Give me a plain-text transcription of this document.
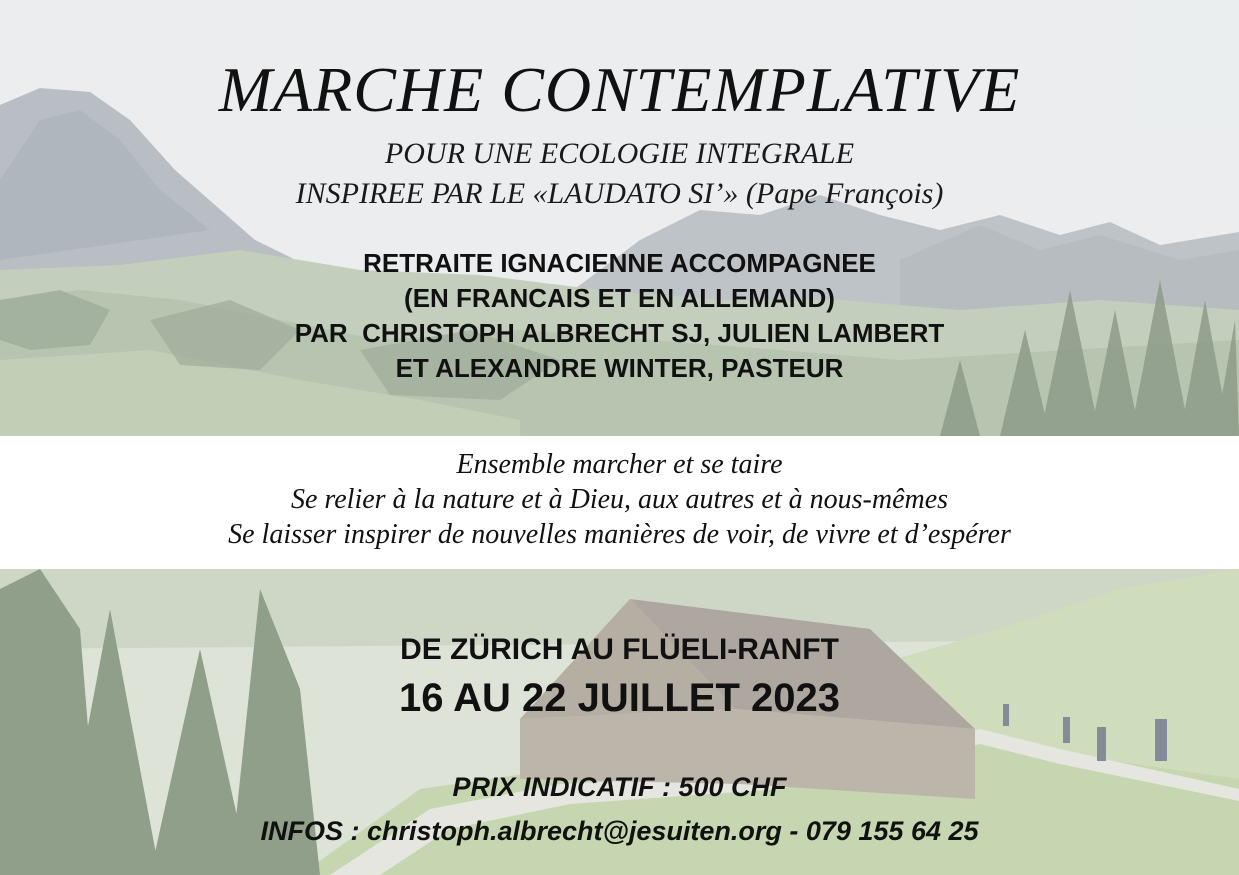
MARCHE CONTEMPLATIVE
POUR UNE ECOLOGIE INTEGRALE
INSPIREE PAR LE «LAUDATO SI’» (Pape François)
RETRAITE IGNACIENNE ACCOMPAGNEE
(EN FRANCAIS ET EN ALLEMAND)
PAR  CHRISTOPH ALBRECHT SJ, JULIEN LAMBERT
ET ALEXANDRE WINTER, PASTEUR
Ensemble marcher et se taire
Se relier à la nature et à Dieu, aux autres et à nous-mêmes
Se laisser inspirer de nouvelles manières de voir, de vivre et d’espérer
DE ZÜRICH AU FLÜELI-RANFT
16 AU 22 JUILLET 2023
PRIX INDICATIF : 500 CHF
INFOS : christoph.albrecht@jesuiten.org - 079 155 64 25
